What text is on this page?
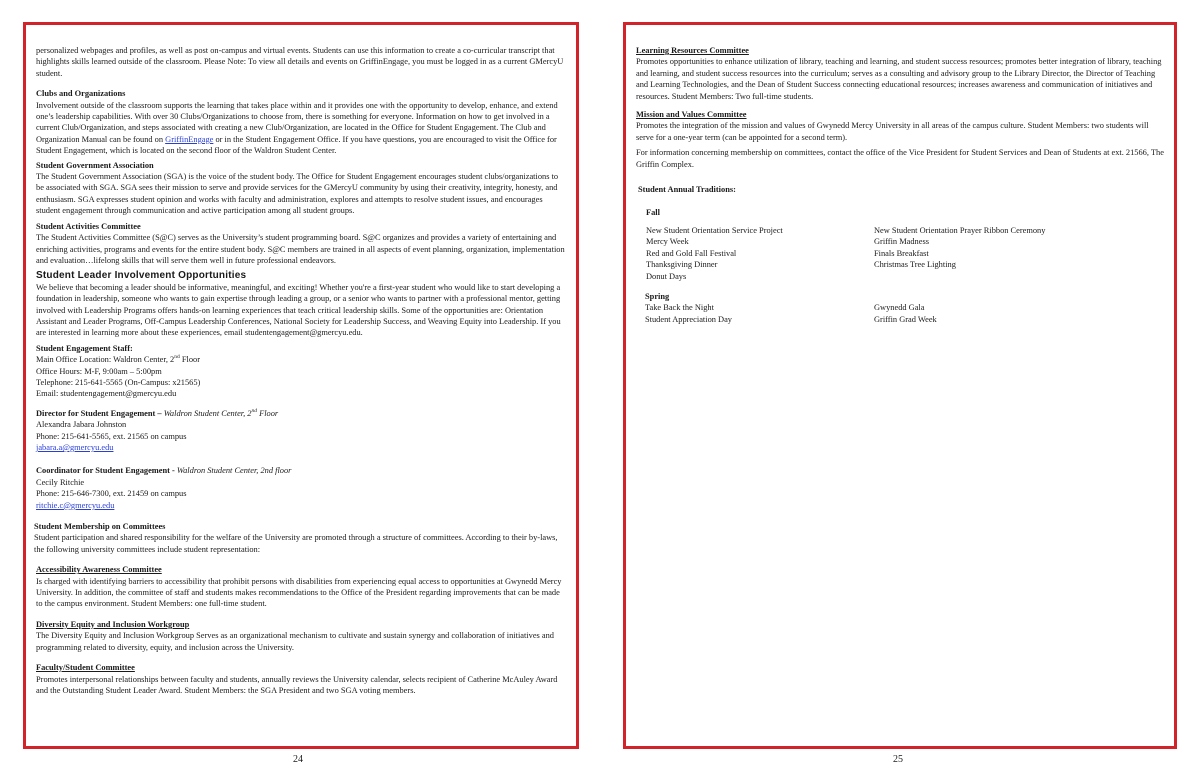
personalized webpages and profiles, as well as post on-campus and virtual events. Students can use this information to create a co-curricular transcript that highlights skills learned outside of the classroom. Please Note: To view all details and events on GriffinEngage, you must be logged in as a current GMercyU student.

Clubs and Organizations

Involvement outside of the classroom supports the learning that takes place within and it provides one with the opportunity to develop, enhance, and extend one’s leadership capabilities. With over 30 Clubs/Organizations to choose from, there is something for everyone. Information on how to get involved in a current Club/Organization, and steps associated with creating a new Club/Organization, are located in the Office for Student Engagement. The Club and Organization Manual can be found on GriffinEngage or in the Student Engagement Office. If you have questions, you are encouraged to visit the Office for Student Engagement, which is located on the second floor of the Waldron Student Center.

Student Government Association

The Student Government Association (SGA) is the voice of the student body. The Office for Student Engagement encourages student clubs/organizations to be associated with SGA. SGA sees their mission to serve and provide services for the GMercyU community by using their creativity, integrity, honesty, and enthusiasm. SGA expresses student opinion and works with faculty and administration, explores and attempts to resolve student issues, and encourages student engagement through communication and active participation among all student groups.

Student Activities Committee

The Student Activities Committee (S@C) serves as the University’s student programming board. S@C organizes and provides a variety of entertaining and enriching activities, programs and events for the entire student body. S@C members are trained in all aspects of event planning, organization, implementation and evaluation…lifelong skills that will serve them well in future professional endeavors.

Student Leader Involvement Opportunities

We believe that becoming a leader should be informative, meaningful, and exciting! Whether you're a first-year student who would like to start developing a foundation in leadership, someone who wants to gain expertise through leading a group, or a senior who wants to partner with a professional mentor, getting involved with Leadership Programs offers hands-on learning experiences that teach critical leadership skills. Some of the opportunities are: Orientation Assistant and Leader Programs, Off-Campus Leadership Conferences, National Society for Leadership Success, and Weaving Equity into Leadership. If you are interested in learning more about these experiences, email studentengagement@gmercyu.edu.

Student Engagement Staff:

Main Office Location: Waldron Center, 2nd Floor

Office Hours: M-F, 9:00am – 5:00pm

Telephone: 215-641-5565 (On-Campus: x21565)

Email: studentengagement@gmercyu.edu

Director for Student Engagement – Waldron Student Center, 2nd Floor

Alexandra Jabara Johnston

Phone: 215-641-5565, ext. 21565 on campus

jabara.a@gmercyu.edu

Coordinator for Student Engagement - Waldron Student Center, 2nd floor

Cecily Ritchie

Phone: 215-646-7300, ext. 21459 on campus

ritchie.c@gmercyu.edu

Student Membership on Committees

Student participation and shared responsibility for the welfare of the University are promoted through a structure of committees. According to their by-laws, the following university committees include student representation:

Accessibility Awareness Committee

Is charged with identifying barriers to accessibility that prohibit persons with disabilities from experiencing equal access to opportunities at Gwynedd Mercy University. In addition, the committee of staff and students makes recommendations to the Office of the President regarding improvements that can be made to the campus environment. Student Members: one full-time student.

Diversity Equity and Inclusion Workgroup

The Diversity Equity and Inclusion Workgroup Serves as an organizational mechanism to cultivate and sustain synergy and collaboration of initiatives and programming related to diversity, equity, and inclusion across the University.

Faculty/Student Committee

Promotes interpersonal relationships between faculty and students, annually reviews the University calendar, selects recipient of Catherine McAuley Award and the Outstanding Student Leader Award. Student Members: the SGA President and two SGA voting members.

24

Learning Resources Committee

Promotes opportunities to enhance utilization of library, teaching and learning, and student success resources; promotes better integration of library, teaching and learning, and student success resources into the curriculum; serves as a consulting and advisory group to the Library Director, the Director of Teaching and Learning Technologies, and the Dean of Student Success connecting educational resources; increases awareness and communication of initiatives and resources. Student Members: Two full-time students.

Mission and Values Committee

Promotes the integration of the mission and values of Gwynedd Mercy University in all areas of the campus culture. Student Members: two students will serve for a one-year term (can be appointed for a second term).

For information concerning membership on committees, contact the office of the Vice President for Student Services and Dean of Students at ext. 21566, The Griffin Complex.

Student Annual Traditions:

Fall

New Student Orientation Service Project

Mercy Week

Red and Gold Fall Festival

Thanksgiving Dinner

Donut Days

New Student Orientation Prayer Ribbon Ceremony

Griffin Madness

Finals Breakfast

Christmas Tree Lighting

Spring

Take Back the Night

Student Appreciation Day

Gwynedd Gala

Griffin Grad Week

25
